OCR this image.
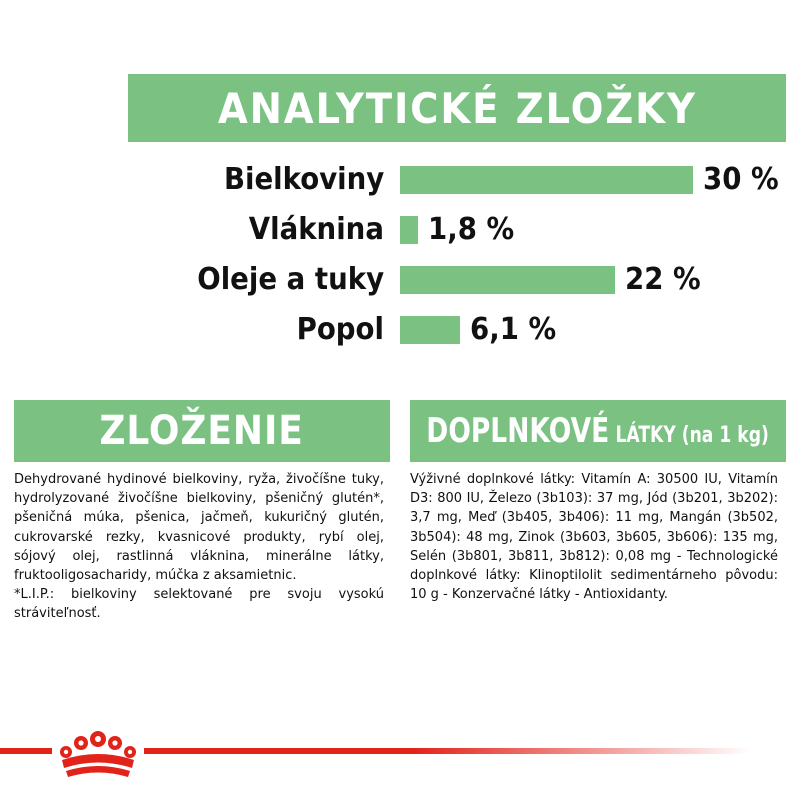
ANALYTICKÉ ZLOŽKY
Bielkoviny	30 %
Vláknina 1,8 %
Oleje a tuky	22 %
Popol	6,1 %
ZLOŽENIE	DOPLNKOVÉ LÁTKY (na 1 kg)

Dehydrované hydinové bielkoviny, ryža, živočíšne tuky, hydrolyzované živočíšne bielkoviny, pšeničný glutén*, pšeničná múka, pšenica, jačmeň, kukuričný glutén, cukrovarské rezky, kvasnicové produkty, rybí olej, sójový olej, rastlinná vláknina, minerálne látky, fruktooligosacharidy, múčka z aksamietnic.

*L.I.P.: bielkoviny selektované pre svoju vysokú stráviteľnosť.

Výživné doplnkové látky: Vitamín A: 30500 IU, Vitamín D3: 800 IU, Železo (3b103): 37 mg, Jód (3b201, 3b202): 3,7 mg, Meď (3b405, 3b406): 11 mg, Mangán (3b502, 3b504): 48 mg, Zinok (3b603, 3b605, 3b606): 135 mg, Selén (3b801, 3b811, 3b812): 0,08 mg - Technologické doplnkové látky: Klinoptilolit sedimentárneho pôvodu: 10 g - Konzervačné látky - Antioxidanty.
